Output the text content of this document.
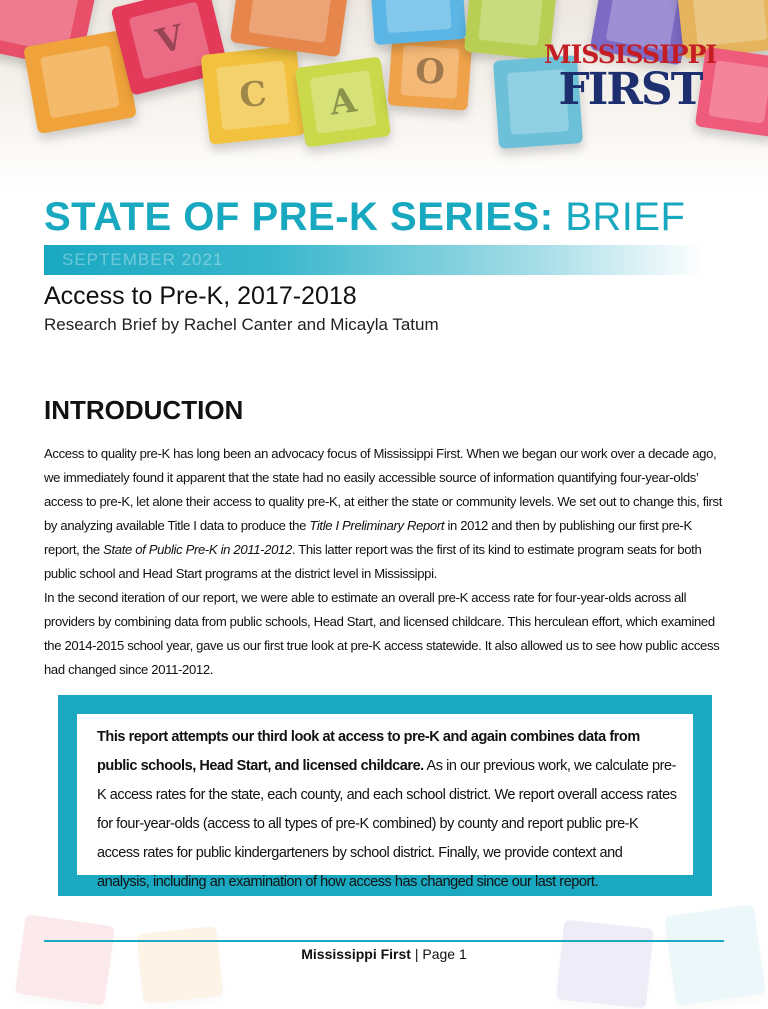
V
C	A
O	MISSISSIPPI
FIRST
STATE OF PRE-K SERIES: BRIEF
SEPTEMBER 2021
Access to Pre-K, 2017-2018
Research Brief by Rachel Canter and Micayla Tatum
INTRODUCTION
Access to quality pre-K has long been an advocacy focus of Mississippi First. When we began our work over a decade ago, we immediately found it apparent that the state had no easily accessible source of information quantifying four-year-olds’ access to pre-K, let alone their access to quality pre-K, at either the state or community levels. We set out to change this, first by analyzing available Title I data to produce the Title I Preliminary Report in 2012 and then by publishing our first pre-K report, the State of Public Pre-K in 2011-2012. This latter report was the first of its kind to estimate program seats for both public school and Head Start programs at the district level in Mississippi.
In the second iteration of our report, we were able to estimate an overall pre-K access rate for four-year-olds across all providers by combining data from public schools, Head Start, and licensed childcare. This herculean effort, which examined the 2014-2015 school year, gave us our first true look at pre-K access statewide. It also allowed us to see how public access had changed since 2011-2012.
This report attempts our third look at access to pre-K and again combines data from public schools, Head Start, and licensed childcare. As in our previous work, we calculate pre-K access rates for the state, each county, and each school district. We report overall access rates for four-year-olds (access to all types of pre-K combined) by county and report public pre-K access rates for public kindergarteners by school district. Finally, we provide context and analysis, including an examination of how access has changed since our last report.
Mississippi First | Page 1
